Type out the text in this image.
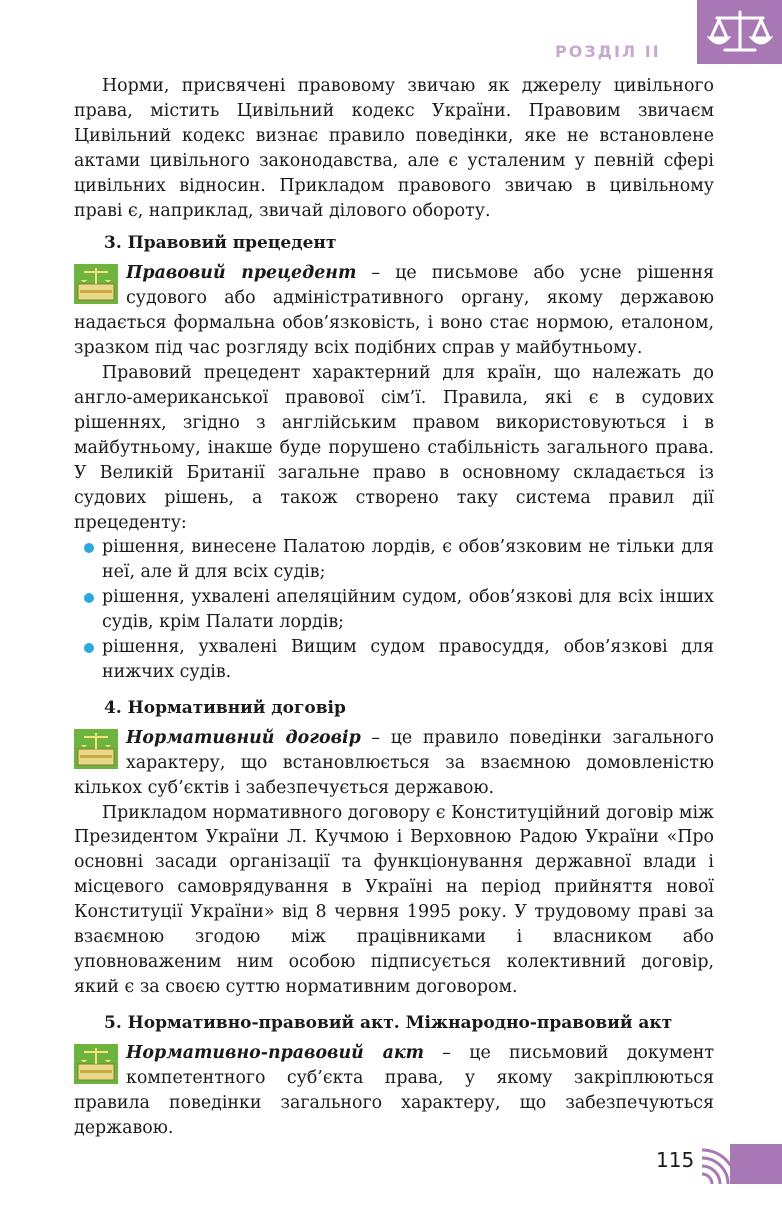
РОЗДІЛ ІІ

Норми, присвячені правовому звичаю як джерелу цивільного права, містить Цивільний кодекс України. Правовим звичаєм Цивільний кодекс визнає правило поведінки, яке не встановлене актами цивільного законодавства, але є усталеним у певній сфері цивільних відносин. Прикладом правового звичаю в цивільному праві є, наприклад, звичай ділового обороту.

3. Правовий прецедент

Правовий прецедент – це письмове або усне рішення судового або адміністративного органу, якому державою надається формальна обов’язковість, і воно стає нормою, еталоном, зразком під час розгляду всіх подібних справ у майбутньому.

Правовий прецедент характерний для країн, що належать до англо-американської правової сім’ї. Правила, які є в судових рішеннях, згідно з англійським правом використовуються і в майбутньому, інакше буде порушено стабільність загального права. У Великій Британії загальне право в основному складається із судових рішень, а також створено таку система правил дії прецеденту:

рішення, винесене Палатою лордів, є обов’язковим не тільки для неї, але й для всіх судів;
рішення, ухвалені апеляційним судом, обов’язкові для всіх інших судів, крім Палати лордів;
рішення, ухвалені Вищим судом правосуддя, обов’язкові для нижчих судів.
4. Нормативний договір

Нормативний договір – це правило поведінки загального характеру, що встановлюється за взаємною домовленістю кількох суб’єктів і забезпечується державою.

Прикладом нормативного договору є Конституційний договір між Президентом України Л. Кучмою і Верховною Радою України «Про основні засади організації та функціонування державної влади і місцевого самоврядування в Україні на період прийняття нової Конституції України» від 8 червня 1995 року. У трудовому праві за взаємною згодою між працівниками і власником або уповноваженим ним особою підписується колективний договір, який є за своєю суттю нормативним договором.

5. Нормативно-правовий акт. Міжнародно-правовий акт

Нормативно-правовий акт – це письмовий документ компетентного суб’єкта права, у якому закріплюються правила поведінки загального характеру, що забезпечуються державою.

115
